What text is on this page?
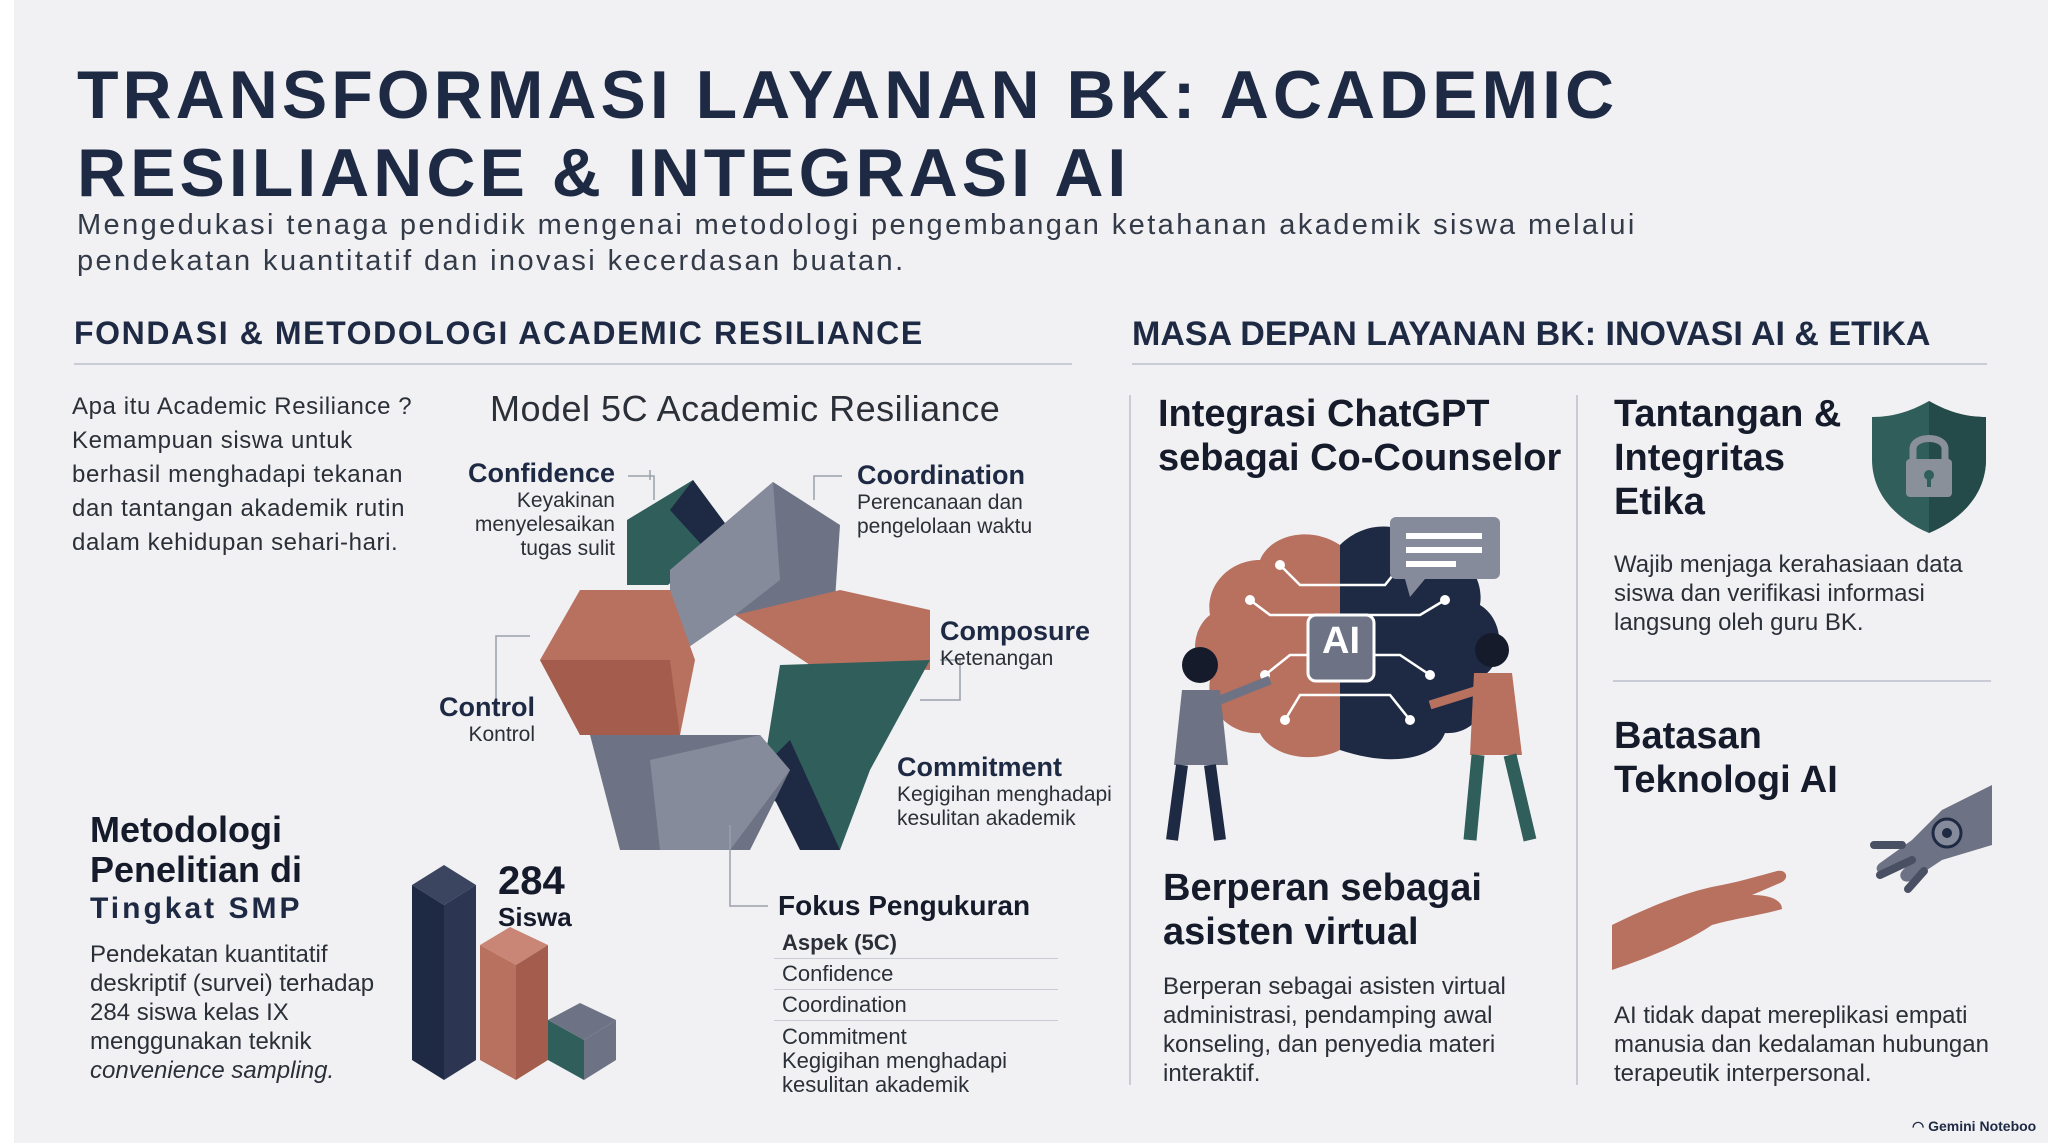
TRANSFORMASI LAYANAN BK: ACADEMIC RESILIANCE & INTEGRASI AI
Mengedukasi tenaga pendidik mengenai metodologi pengembangan ketahanan akademik siswa melalui pendekatan kuantitatif dan inovasi kecerdasan buatan.
FONDASI & METODOLOGI ACADEMIC RESILIANCE
Apa itu Academic Resiliance ? Kemampuan siswa untuk berhasil menghadapi tekanan dan tantangan akademik rutin dalam kehidupan sehari-hari.
Model 5C Academic Resiliance
Confidence
Keyakinan menyelesaikan tugas sulit
Coordination
Perencanaan dan pengelolaan waktu
Composure
Ketenangan
Commitment
Kegigihan menghadapi kesulitan akademik
Control
Kontrol
Metodologi
Penelitian di
Tingkat SMP
Pendekatan kuantitatif deskriptif (survei) terhadap 284 siswa kelas IX menggunakan teknik convenience sampling.
284
Siswa	Fokus Pengukuran
Aspek (5C)
Confidence
Coordination
Commitment
Kegigihan menghadapi
kesulitan akademik
MASA DEPAN LAYANAN BK: INOVASI AI & ETIKA
Integrasi ChatGPT sebagai Co-Counselor
AI
Berperan sebagai asisten virtual
Berperan sebagai asisten virtual administrasi, pendamping awal konseling, dan penyedia materi interaktif.
Tantangan & Integritas Etika
Wajib menjaga kerahasiaan data siswa dan verifikasi informasi langsung oleh guru BK.
Batasan Teknologi AI
AI tidak dapat mereplikasi empati manusia dan kedalaman hubungan terapeutik interpersonal.
◠ Gemini Noteboo
